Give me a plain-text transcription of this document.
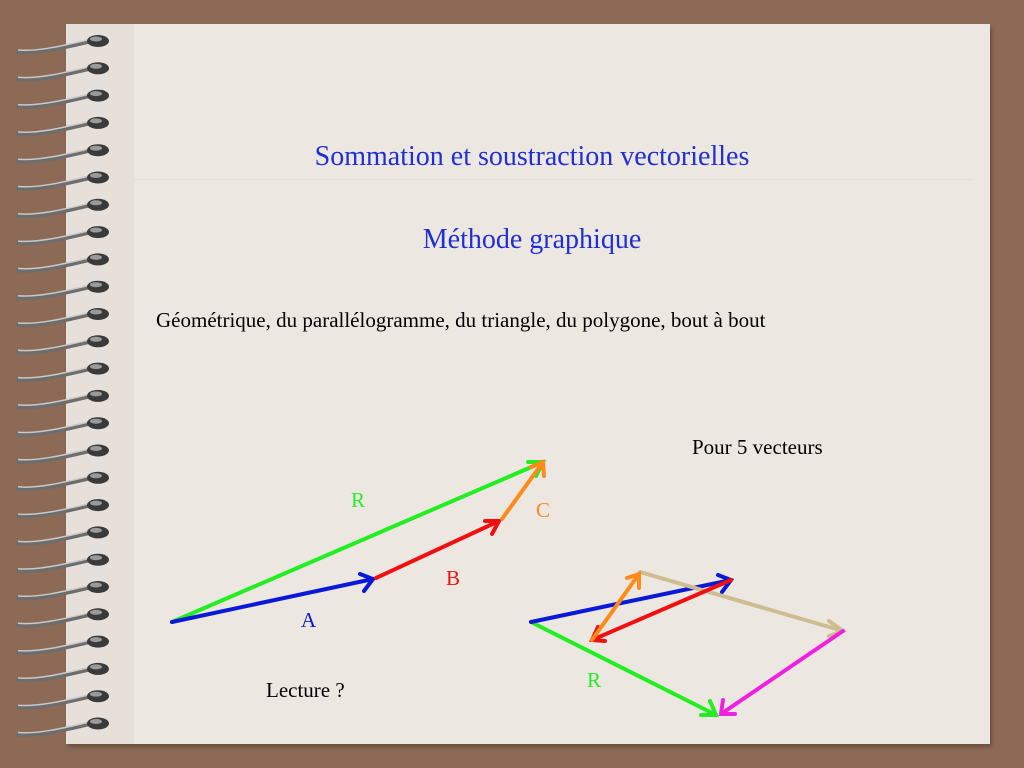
Sommation et soustraction vectorielles
Méthode graphique

Géométrique, du parallélogramme, du triangle, du polygone, bout à bout

Pour 5 vecteurs
Lecture ?
R	C
B
A
R
